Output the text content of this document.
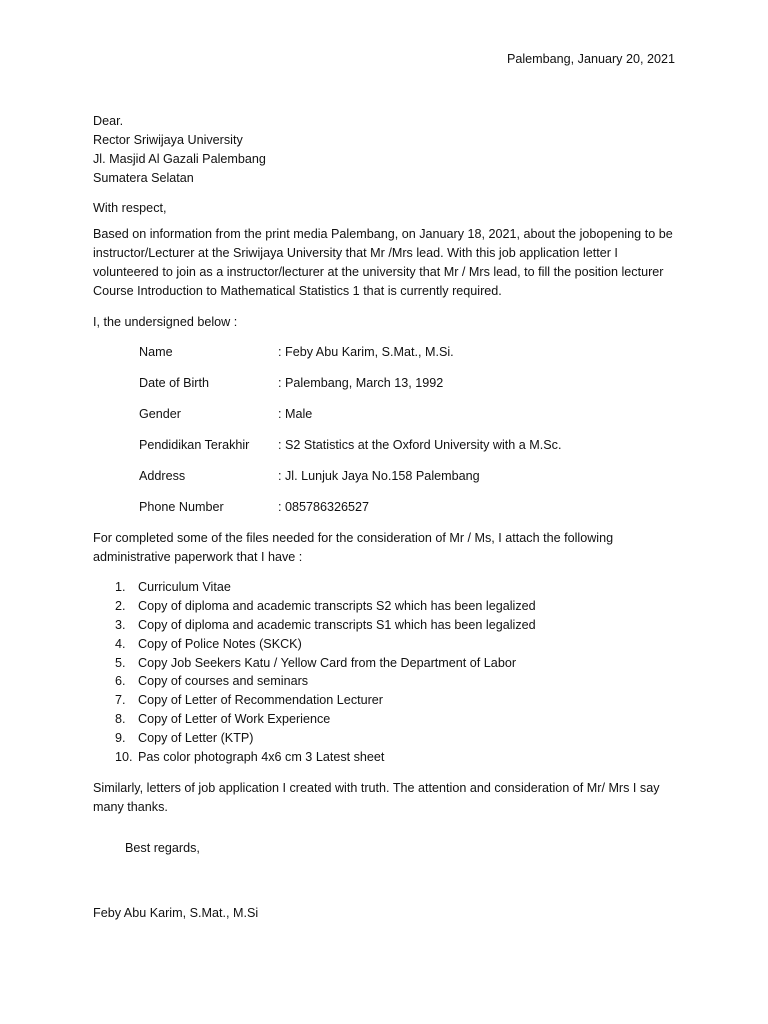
Palembang, January 20, 2021
Dear.
Rector Sriwijaya University
Jl. Masjid Al Gazali Palembang
Sumatera Selatan
With respect,

Based on information from the print media Palembang, on January 18, 2021, about the jobopening to be instructor/Lecturer at the Sriwijaya University that Mr /Mrs lead. With this job application letter I volunteered to join as a instructor/lecturer at the university that Mr / Mrs lead, to fill the position lecturer Course Introduction to Mathematical Statistics 1 that is currently required.

I, the undersigned below :
Name	: Feby Abu Karim, S.Mat., M.Si.
Date of Birth	: Palembang, March 13, 1992
Gender	: Male
Pendidikan Terakhir	: S2 Statistics at the Oxford University with a M.Sc.
Address	: Jl. Lunjuk Jaya No.158 Palembang
Phone Number	: 085786326527

For completed some of the files needed for the consideration of Mr / Ms, I attach the following administrative paperwork that I have :

1. Curriculum Vitae
2. Copy of diploma and academic transcripts S2 which has been legalized
3. Copy of diploma and academic transcripts S1 which has been legalized
4. Copy of Police Notes (SKCK)
5. Copy Job Seekers Katu / Yellow Card from the Department of Labor
6. Copy of courses and seminars
7. Copy of Letter of Recommendation Lecturer
8. Copy of Letter of Work Experience
9. Copy of Letter (KTP)
10. Pas color photograph 4x6 cm 3 Latest sheet

Similarly, letters of job application I created with truth. The attention and consideration of Mr/ Mrs I say many thanks.

Best regards,
Feby Abu Karim, S.Mat., M.Si
